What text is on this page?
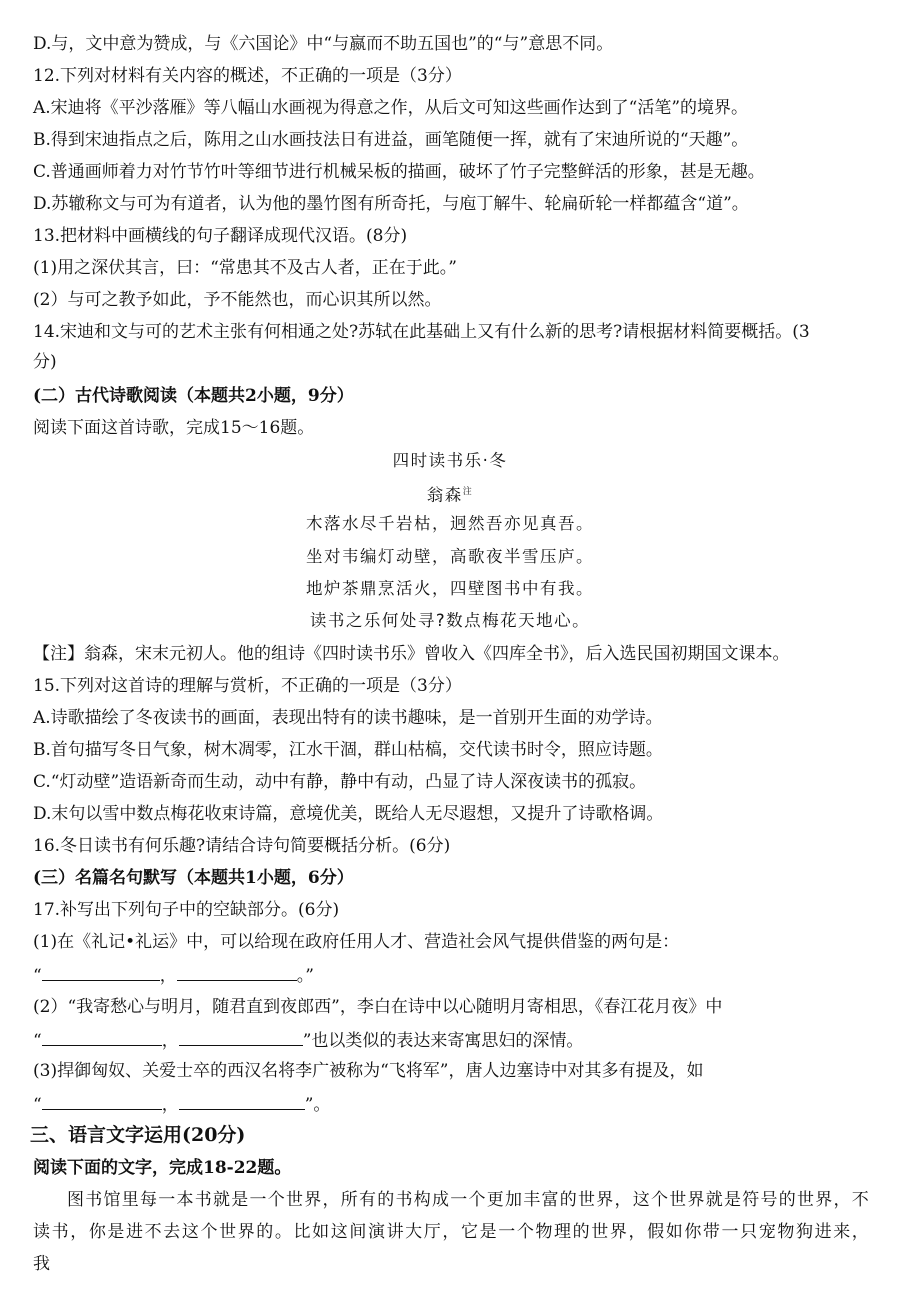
D.与，文中意为赞成，与《六国论》中“与嬴而不助五国也”的“与”意思不同。
12.下列对材料有关内容的概述，不正确的一项是（3分）
A.宋迪将《平沙落雁》等八幅山水画视为得意之作，从后文可知这些画作达到了“活笔”的境界。
B.得到宋迪指点之后，陈用之山水画技法日有进益，画笔随便一挥，就有了宋迪所说的“天趣”。
C.普通画师着力对竹节竹叶等细节进行机械呆板的描画，破坏了竹子完整鲜活的形象，甚是无趣。
D.苏辙称文与可为有道者，认为他的墨竹图有所奇托，与庖丁解牛、轮扁斫轮一样都蕴含“道”。
13.把材料中画横线的句子翻译成现代汉语。(8分)
(1)用之深伏其言，曰：“常患其不及古人者，正在于此。”
(2）与可之教予如此，予不能然也，而心识其所以然。
14.宋迪和文与可的艺术主张有何相通之处?苏轼在此基础上又有什么新的思考?请根据材料简要概括。(3
分)
(二）古代诗歌阅读（本题共2小题，9分）
阅读下面这首诗歌，完成15～16题。
四时读书乐·冬
翁森$^注$
木落水尽千岩枯，迥然吾亦见真吾。
坐对韦编灯动壁，高歌夜半雪压庐。
地炉茶鼎烹活火，四壁图书中有我。
读书之乐何处寻?数点梅花天地心。
【注】翁森，宋末元初人。他的组诗《四时读书乐》曾收入《四库全书》，后入选民国初期国文课本。
15.下列对这首诗的理解与赏析，不正确的一项是（3分）
A.诗歌描绘了冬夜读书的画面，表现出特有的读书趣味，是一首别开生面的劝学诗。
B.首句描写冬日气象，树木凋零，江水干涸，群山枯槁，交代读书时令，照应诗题。
C.“灯动壁”造语新奇而生动，动中有静，静中有动，凸显了诗人深夜读书的孤寂。
D.末句以雪中数点梅花收束诗篇，意境优美，既给人无尽遐想，又提升了诗歌格调。
16.冬日读书有何乐趣?请结合诗句简要概括分析。(6分)
(三）名篇名句默写（本题共1小题，6分）
17.补写出下列句子中的空缺部分。(6分)
(1)在《礼记•礼运》中，可以给现在政府任用人才、营造社会风气提供借鉴的两句是：
“	，	。”
(2）“我寄愁心与明月，随君直到夜郎西”，李白在诗中以心随明月寄相思，《春江花月夜》中
“	，	”也以类似的表达来寄寓思妇的深情。
(3)捍御匈奴、关爱士卒的西汉名将李广被称为“飞将军”，唐人边塞诗中对其多有提及，如
“	，	”。
三、语言文字运用(20分)
阅读下面的文字，完成18-22题。
图书馆里每一本书就是一个世界，所有的书构成一个更加丰富的世界，这个世界就是符号的世界，不读书，你是进不去这个世界的。比如这间演讲大厅，它是一个物理的世界，假如你带一只宠物狗进来，我
